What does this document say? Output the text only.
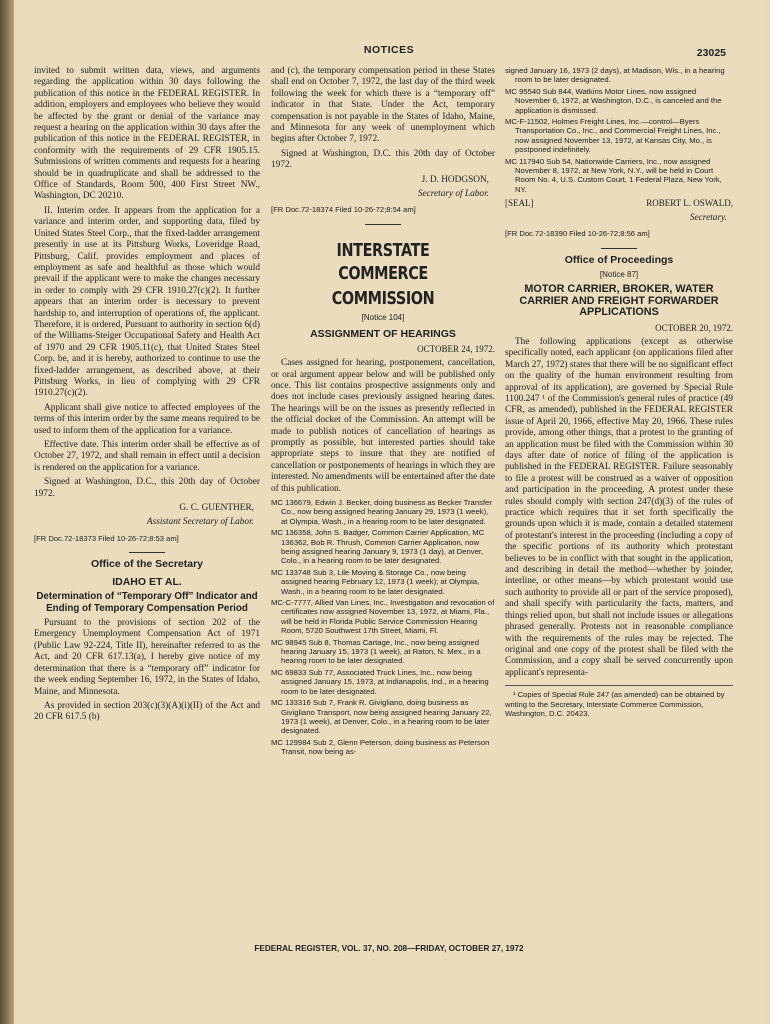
NOTICES	23025

invited to submit written data, views, and arguments regarding the application within 30 days following the publication of this notice in the FEDERAL REGISTER. In addition, employers and employees who believe they would be affected by the grant or denial of the variance may request a hearing on the application within 30 days after the publication of this notice in the FEDERAL REGISTER, in conformity with the requirements of 29 CFR 1905.15. Submissions of written comments and requests for a hearing should be in quadruplicate and shall be addressed to the Office of Standards, Room 500, 400 First Street NW., Washington, DC 20210.

II. Interim order. It appears from the application for a variance and interim order, and supporting data, filed by United States Steel Corp., that the fixed-ladder arrangement presently in use at its Pittsburg Works, Loveridge Road, Pittsburg, Calif. provides employment and places of employment as safe and healthful as those which would prevail if the applicant were to make the changes necessary in order to comply with 29 CFR 1910.27(c)(2). It further appears that an interim order is necessary to prevent hardship to, and interruption of operations of, the applicant. Therefore, it is ordered, Pursuant to authority in section 6(d) of the Williams-Steiger Occupational Safety and Health Act of 1970 and 29 CFR 1905.11(c), that United States Steel Corp. be, and it is hereby, authorized to continue to use the fixed-ladder arrangement, as described above, at their Pittsburg Works, in lieu of complying with 29 CFR 1910.27(c)(2).

Applicant shall give notice to affected employees of the terms of this interim order by the same means required to be used to inform them of the application for a variance.

Effective date. This interim order shall be effective as of October 27, 1972, and shall remain in effect until a decision is rendered on the application for a variance.

Signed at Washington, D.C., this 20th day of October 1972.

G. C. GUENTHER,
Assistant Secretary of Labor.
[FR Doc.72-18373 Filed 10-26-72;8:53 am]
Office of the Secretary
IDAHO ET AL.
Determination of “Temporary Off” Indicator and Ending of Temporary Compensation Period

Pursuant to the provisions of section 202 of the Emergency Unemployment Compensation Act of 1971 (Public Law 92-224, Title II), hereinafter referred to as the Act, and 20 CFR 617.13(a), I hereby give notice of my determination that there is a “temporary off” indicator for the week ending September 16, 1972, in the States of Idaho, Maine, and Minnesota.

As provided in section 203(c)(3)(A)(i)(II) of the Act and 20 CFR 617.5 (b)

and (c), the temporary compensation period in these States shall end on October 7, 1972, the last day of the third week following the week for which there is a “temporary off” indicator in that State. Under the Act, temporary compensation is not payable in the States of Idaho, Maine, and Minnesota for any week of unemployment which begins after October 7, 1972.

Signed at Washington, D.C. this 20th day of October 1972.

J. D. HODGSON,
Secretary of Labor.
[FR Doc.72-18374 Filed 10-26-72;8:54 am]
INTERSTATE COMMERCE
COMMISSION
[Notice 104]
ASSIGNMENT OF HEARINGS
OCTOBER 24, 1972.

Cases assigned for hearing, postponement, cancellation, or oral argument appear below and will be published only once. This list contains prospective assignments only and does not include cases previously assigned hearing dates. The hearings will be on the issues as presently reflected in the official docket of the Commission. An attempt will be made to publish notices of cancellation of hearings as promptly as possible, but interested parties should take appropriate steps to insure that they are notified of cancellation or postponements of hearings in which they are interested. No amendments will be entertained after the date of this publication.

MC 136679, Edwin J. Becker, doing business as Becker Transfer Co., now being assigned hearing January 29, 1973 (1 week), at Olympia, Wash., in a hearing room to be later designated.
MC 136358, John S. Badger, Common Carrier Application, MC 136362, Bob R. Thrush, Common Carrier Application, now being assigned hearing January 9, 1973 (1 day), at Denver, Colo., in a hearing room to be later designated.
MC 133748 Sub 3, Lile Moving & Storage Co., now being assigned hearing February 12, 1973 (1 week); at Olympia, Wash., in a hearing room to be later designated.
MC-C-7777, Allied Van Lines, Inc., Investigation and revocation of certificates now assigned November 13, 1972, at Miami, Fla., will be held in Florida Public Service Commission Hearing Room, 5720 Southwest 17th Street, Miami, Fl.
MC 98945 Sub 8, Thomas Cartage, Inc., now being assigned hearing January 15, 1973 (1 week), at Raton, N. Mex., in a hearing room to be later designated.
MC 69833 Sub 77, Associated Truck Lines, Inc., now being assigned January 15, 1973, at Indianapolis, Ind., in a hearing room to be later designated.
MC 133316 Sub 7, Frank R. Givigliano, doing business as Givigliano Transport, now being assigned hearing January 22, 1973 (1 week), at Denver, Colo., in a hearing room to be later designated.
MC 129984 Sub 2, Glenn Peterson, doing business as Peterson Transit, now being as-
signed January 16, 1973 (2 days), at Madison, Wis., in a hearing room to be later designated.
MC 95540 Sub 844, Watkins Motor Lines, now assigned November 6, 1972, at Washington, D.C., is canceled and the application is dismissed.
MC-F-11502, Holmes Freight Lines, Inc.—control—Byers Transportation Co., Inc., and Commercial Freight Lines, Inc., now assigned November 13, 1972, at Kansas City, Mo., is postponed indefinitely.
MC 117940 Sub 54, Nationwide Carriers, Inc., now assigned November 8, 1972, at New York, N.Y., will be held in Court Room No. 4, U.S. Custom Court, 1 Federal Plaza, New York, NY.
[SEAL]	ROBERT L. OSWALD,
Secretary.
[FR Doc.72-18390 Filed 10-26-72;8:56 am]
Office of Proceedings
[Notice 87]
MOTOR CARRIER, BROKER, WATER CARRIER AND FREIGHT FORWARDER APPLICATIONS
OCTOBER 20, 1972.

The following applications (except as otherwise specifically noted, each applicant (on applications filed after March 27, 1972) states that there will be no significant effect on the quality of the human environment resulting from approval of its application), are governed by Special Rule 1100.247 ¹ of the Commission's general rules of practice (49 CFR, as amended), published in the FEDERAL REGISTER issue of April 20, 1966, effective May 20, 1966. These rules provide, among other things, that a protest to the granting of an application must be filed with the Commission within 30 days after date of notice of filing of the application is published in the FEDERAL REGISTER. Failure seasonably to file a protest will be construed as a waiver of opposition and participation in the proceeding. A protest under these rules should comply with section 247(d)(3) of the rules of practice which requires that it set forth specifically the grounds upon which it is made, contain a detailed statement of protestant's interest in the proceeding (including a copy of the specific portions of its authority which protestant believes to be in conflict with that sought in the application, and describing in detail the method—whether by joinder, interline, or other means—by which protestant would use such authority to provide all or part of the service proposed), and shall specify with particularity the facts, matters, and things relied upon, but shall not include issues or allegations phrased generally. Protests not in reasonable compliance with the requirements of the rules may be rejected. The original and one copy of the protest shall be filed with the Commission, and a copy shall be served concurrently upon applicant's representa-

¹ Copies of Special Rule 247 (as amended) can be obtained by writing to the Secretary, Interstate Commerce Commission, Washington, D.C. 20423.
FEDERAL REGISTER, VOL. 37, NO. 208—FRIDAY, OCTOBER 27, 1972
